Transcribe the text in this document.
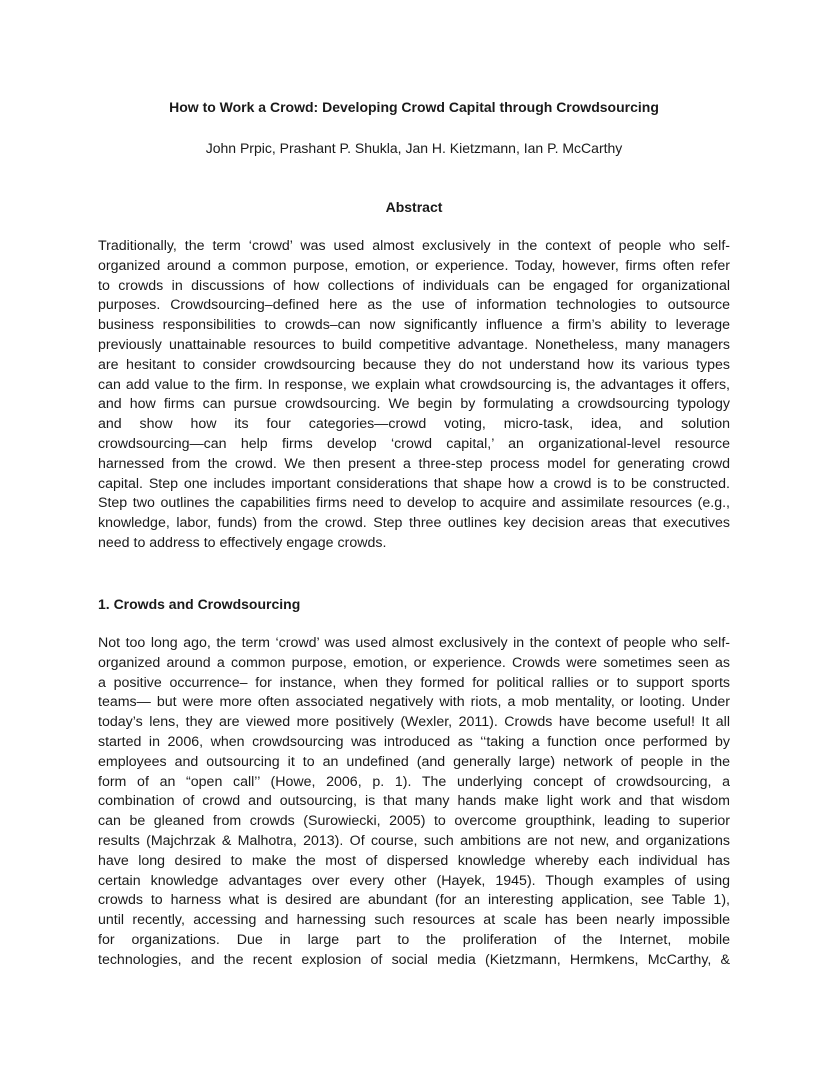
How to Work a Crowd: Developing Crowd Capital through Crowdsourcing
John Prpic, Prashant P. Shukla, Jan H. Kietzmann, Ian P. McCarthy
Abstract
Traditionally, the term ‘crowd’ was used almost exclusively in the context of people who self-
organized around a common purpose, emotion, or experience. Today, however, firms often refer
to crowds in discussions of how collections of individuals can be engaged for organizational
purposes. Crowdsourcing–defined here as the use of information technologies to outsource
business responsibilities to crowds–can now significantly influence a firm’s ability to leverage
previously unattainable resources to build competitive advantage. Nonetheless, many managers
are hesitant to consider crowdsourcing because they do not understand how its various types
can add value to the firm. In response, we explain what crowdsourcing is, the advantages it offers,
and how firms can pursue crowdsourcing. We begin by formulating a crowdsourcing typology
and show how its four categories—crowd voting, micro-task, idea, and solution
crowdsourcing—can help firms develop ‘crowd capital,’ an organizational-level resource
harnessed from the crowd. We then present a three-step process model for generating crowd
capital. Step one includes important considerations that shape how a crowd is to be constructed.
Step two outlines the capabilities firms need to develop to acquire and assimilate resources (e.g.,
knowledge, labor, funds) from the crowd. Step three outlines key decision areas that executives
need to address to effectively engage crowds.
1. Crowds and Crowdsourcing
Not too long ago, the term ‘crowd’ was used almost exclusively in the context of people who self-
organized around a common purpose, emotion, or experience. Crowds were sometimes seen as
a positive occurrence– for instance, when they formed for political rallies or to support sports
teams— but were more often associated negatively with riots, a mob mentality, or looting. Under
today’s lens, they are viewed more positively (Wexler, 2011). Crowds have become useful! It all
started in 2006, when crowdsourcing was introduced as ‘‘taking a function once performed by
employees and outsourcing it to an undefined (and generally large) network of people in the
form of an “open call’’ (Howe, 2006, p. 1). The underlying concept of crowdsourcing, a
combination of crowd and outsourcing, is that many hands make light work and that wisdom
can be gleaned from crowds (Surowiecki, 2005) to overcome groupthink, leading to superior
results (Majchrzak & Malhotra, 2013). Of course, such ambitions are not new, and organizations
have long desired to make the most of dispersed knowledge whereby each individual has
certain knowledge advantages over every other (Hayek, 1945). Though examples of using
crowds to harness what is desired are abundant (for an interesting application, see Table 1),
until recently, accessing and harnessing such resources at scale has been nearly impossible
for organizations. Due in large part to the proliferation of the Internet, mobile
technologies, and the recent explosion of social media (Kietzmann, Hermkens, McCarthy, &
